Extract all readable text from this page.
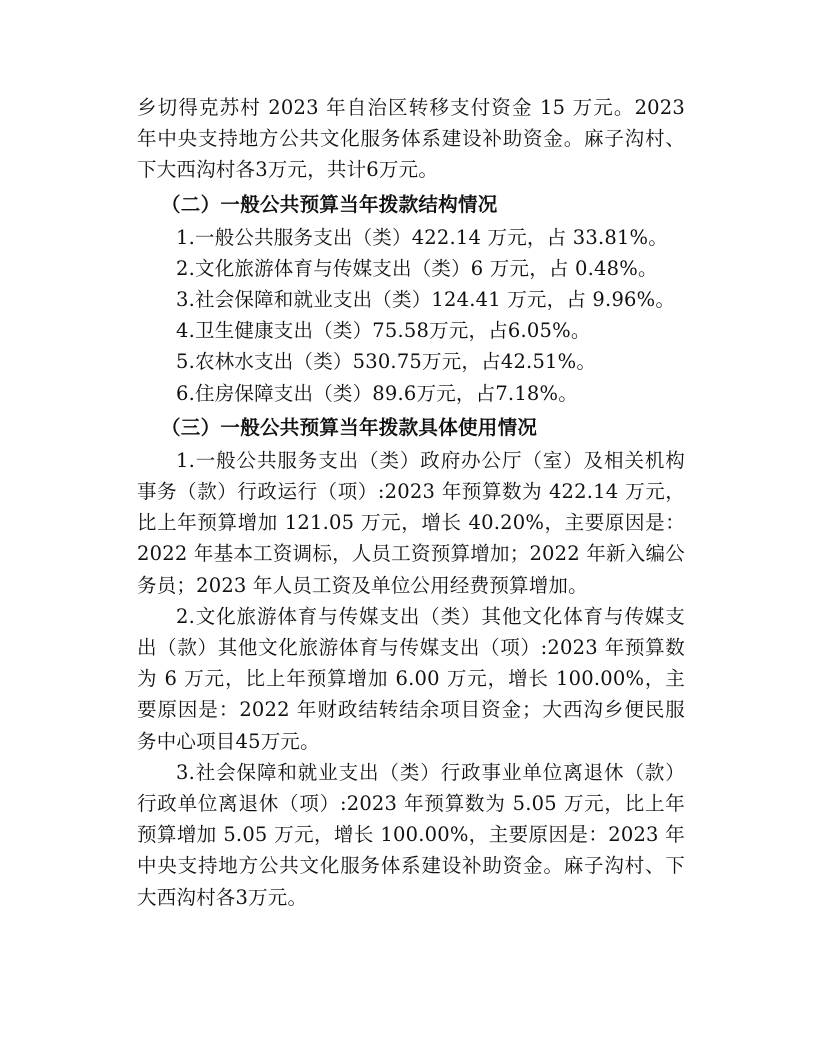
乡切得克苏村 2023 年自治区转移支付资金 15 万元。2023 年中央支持地方公共文化服务体系建设补助资金。麻子沟村、下大西沟村各3万元，共计6万元。

（二）一般公共预算当年拨款结构情况

1.一般公共服务支出（类）422.14 万元，占 33.81%。

2.文化旅游体育与传媒支出（类）6 万元，占 0.48%。

3.社会保障和就业支出（类）124.41 万元，占 9.96%。

4.卫生健康支出（类）75.58万元，占6.05%。

5.农林水支出（类）530.75万元，占42.51%。

6.住房保障支出（类）89.6万元，占7.18%。

（三）一般公共预算当年拨款具体使用情况

1.一般公共服务支出（类）政府办公厅（室）及相关机构事务（款）行政运行（项）:2023 年预算数为 422.14 万元，比上年预算增加 121.05 万元，增长 40.20%，主要原因是：2022 年基本工资调标，人员工资预算增加；2022 年新入编公务员；2023 年人员工资及单位公用经费预算增加。

2.文化旅游体育与传媒支出（类）其他文化体育与传媒支出（款）其他文化旅游体育与传媒支出（项）:2023 年预算数为 6 万元，比上年预算增加 6.00 万元，增长 100.00%，主要原因是：2022 年财政结转结余项目资金；大西沟乡便民服务中心项目45万元。

3.社会保障和就业支出（类）行政事业单位离退休（款）行政单位离退休（项）:2023 年预算数为 5.05 万元，比上年预算增加 5.05 万元，增长 100.00%，主要原因是：2023 年中央支持地方公共文化服务体系建设补助资金。麻子沟村、下大西沟村各3万元。
